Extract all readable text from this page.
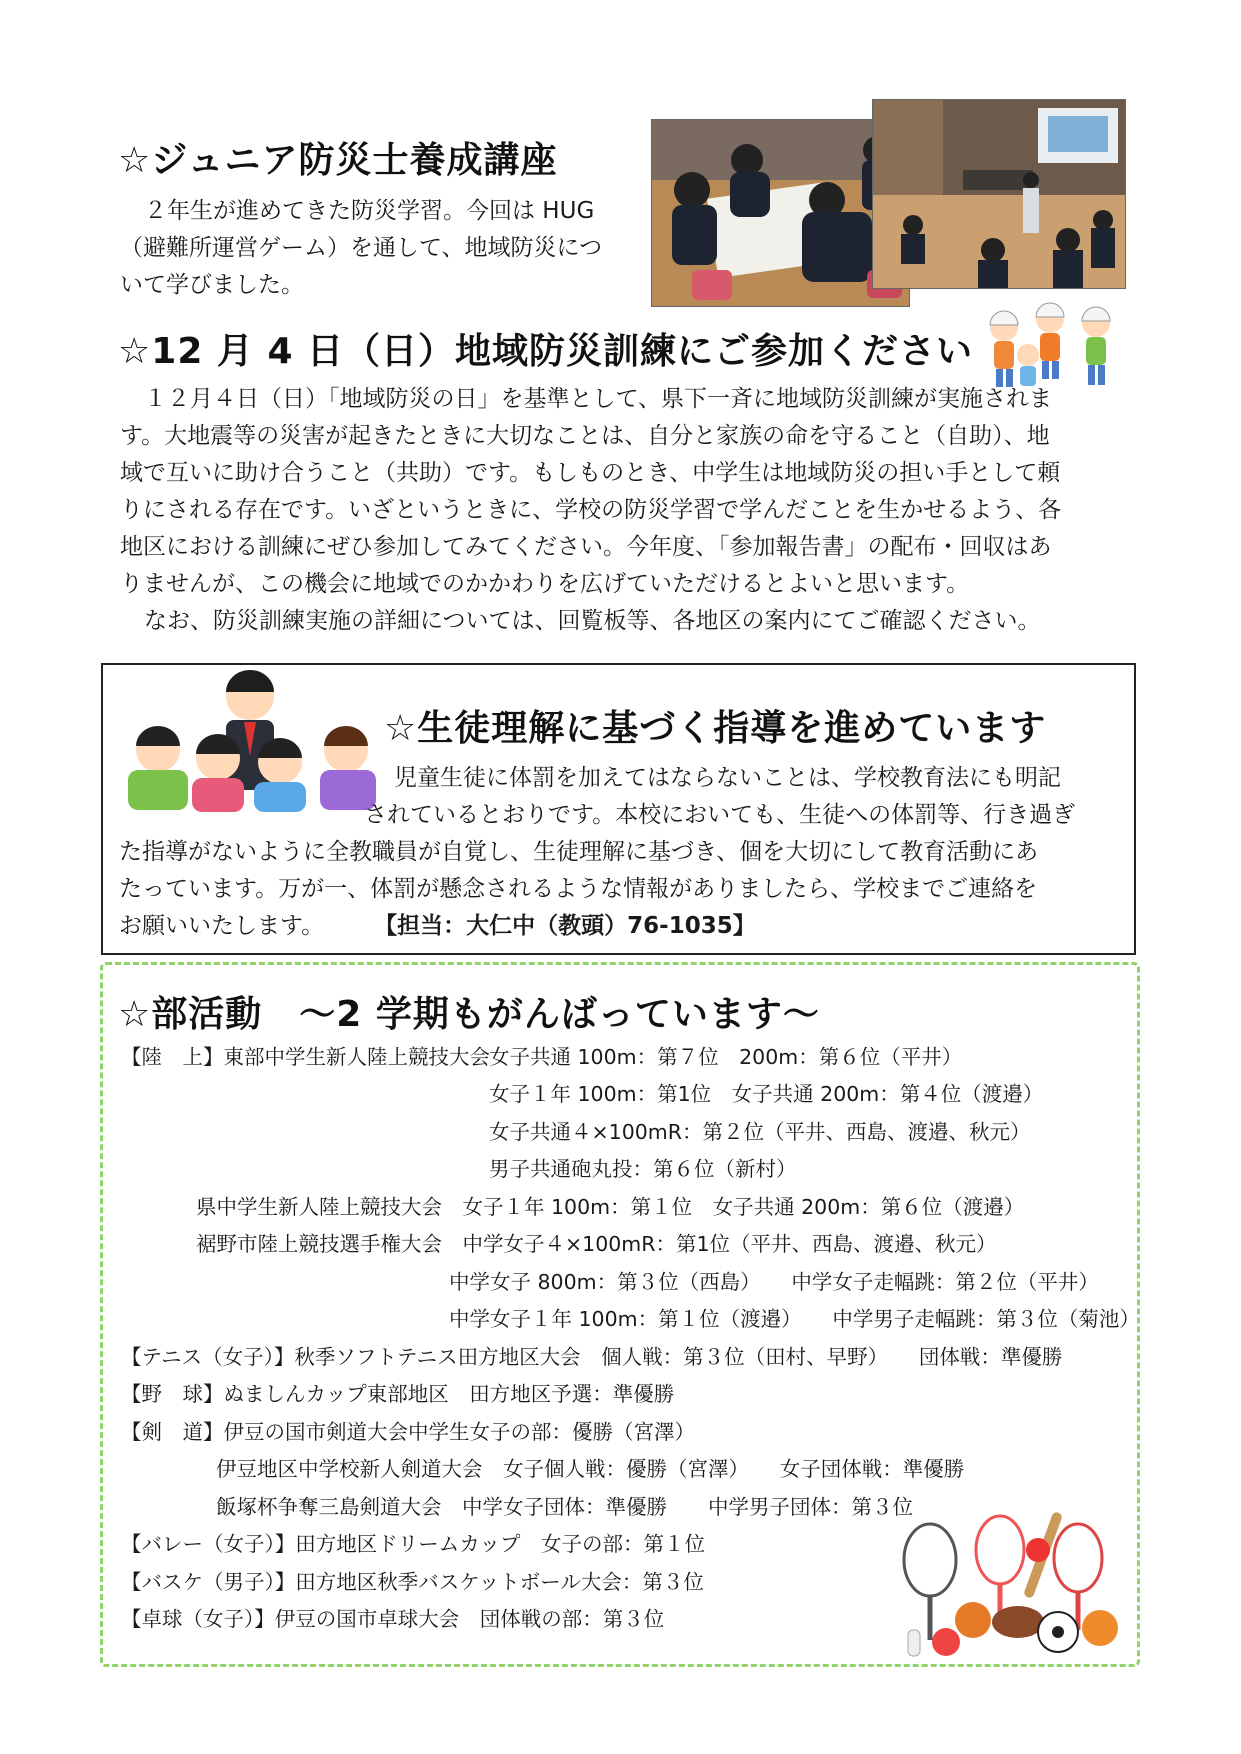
☆ジュニア防災士養成講座

２年生が進めてきた防災学習。今回は HUG

（避難所運営ゲーム）を通して、地域防災につ

いて学びました。

☆12 月 4 日（日）地域防災訓練にご参加ください

１２月４日（日）「地域防災の日」を基準として、県下一斉に地域防災訓練が実施されま

す。大地震等の災害が起きたときに大切なことは、自分と家族の命を守ること（自助）、地

域で互いに助け合うこと（共助）です。もしものとき、中学生は地域防災の担い手として頼

りにされる存在です。いざというときに、学校の防災学習で学んだことを生かせるよう、各

地区における訓練にぜひ参加してみてください。今年度、「参加報告書」の配布・回収はあ

りませんが、この機会に地域でのかかわりを広げていただけるとよいと思います。

なお、防災訓練実施の詳細については、回覧板等、各地区の案内にてご確認ください。

☆生徒理解に基づく指導を進めています

児童生徒に体罰を加えてはならないことは、学校教育法にも明記

されているとおりです。本校においても、生徒への体罰等、行き過ぎ

た指導がないように全教職員が自覚し、生徒理解に基づき、個を大切にして教育活動にあ

たっています。万が一、体罰が懸念されるような情報がありましたら、学校までご連絡を

お願いいたします。 【担当：大仁中（教頭）76-1035】

☆部活動　～2 学期もがんばっています～
【陸　上】東部中学生新人陸上競技大会 女子共通 100m：第７位　200m：第６位（平井）
女子１年 100m：第1位　女子共通 200m：第４位（渡邉）
女子共通４×100mR：第２位（平井、西島、渡邉、秋元）
男子共通砲丸投：第６位（新村）
県中学生新人陸上競技大会　女子１年 100m：第１位　女子共通 200m：第６位（渡邉）
裾野市陸上競技選手権大会　中学女子４×100mR：第1位（平井、西島、渡邉、秋元）
中学女子 800m：第３位（西島）　　中学女子走幅跳：第２位（平井）
中学女子１年 100m：第１位（渡邉）　　中学男子走幅跳：第３位（菊池）
【テニス（女子）】秋季ソフトテニス田方地区大会　個人戦：第３位（田村、早野）　　団体戦：準優勝
【野　球】ぬましんカップ東部地区　田方地区予選：準優勝
【剣　道】伊豆の国市剣道大会中学生女子の部：優勝（宮澤）
伊豆地区中学校新人剣道大会　女子個人戦：優勝（宮澤）　　女子団体戦：準優勝
飯塚杯争奪三島剣道大会　中学女子団体：準優勝　　中学男子団体：第３位
【バレー（女子）】田方地区ドリームカップ　女子の部：第１位
【バスケ（男子）】田方地区秋季バスケットボール大会：第３位
【卓球（女子）】伊豆の国市卓球大会　団体戦の部：第３位
